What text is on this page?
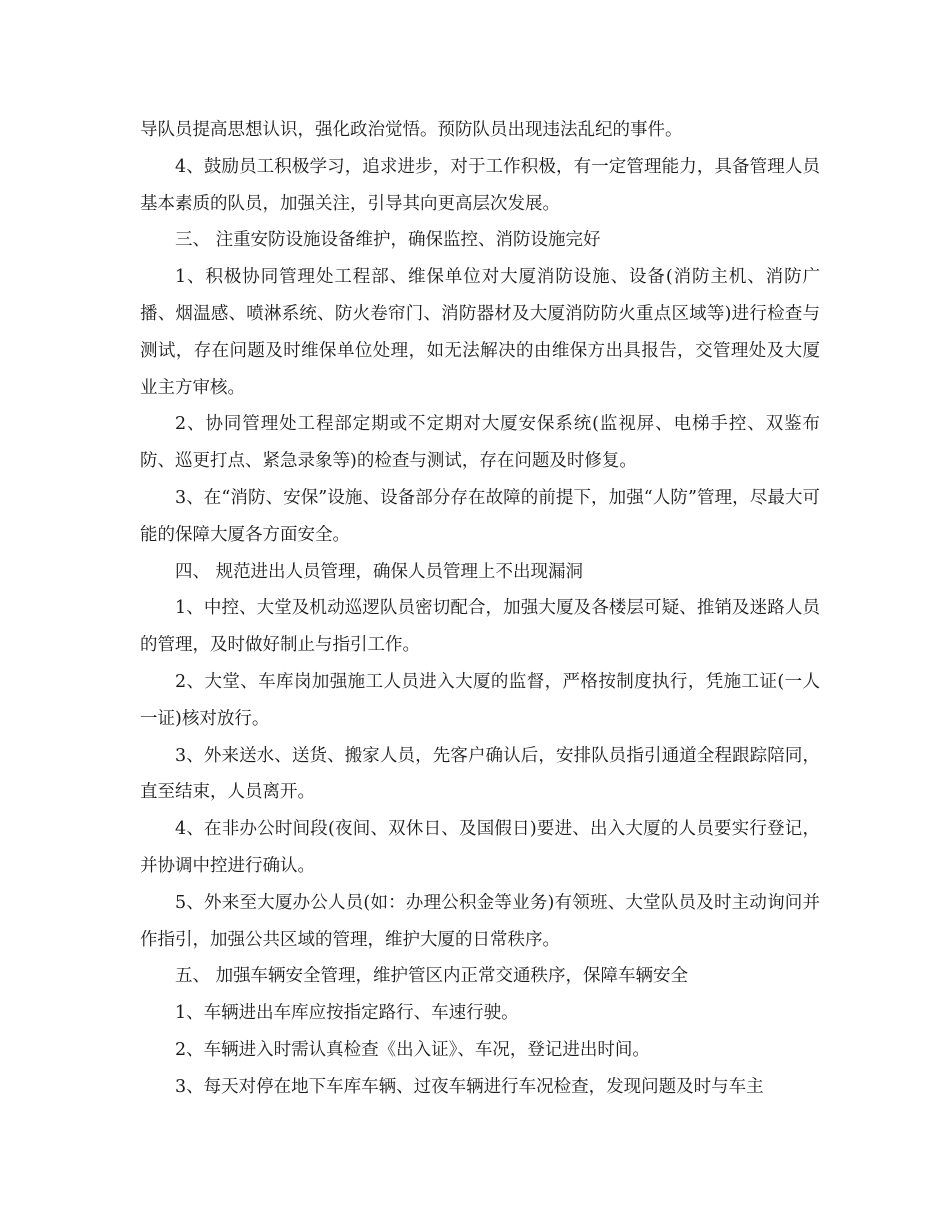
导队员提高思想认识，强化政治觉悟。预防队员出现违法乱纪的事件。

4、鼓励员工积极学习，追求进步，对于工作积极，有一定管理能力，具备管理人员基本素质的队员，加强关注，引导其向更高层次发展。

三、 注重安防设施设备维护，确保监控、消防设施完好

1、积极协同管理处工程部、维保单位对大厦消防设施、设备(消防主机、消防广播、烟温感、喷淋系统、防火卷帘门、消防器材及大厦消防防火重点区域等)进行检查与测试，存在问题及时维保单位处理，如无法解决的由维保方出具报告，交管理处及大厦业主方审核。

2、协同管理处工程部定期或不定期对大厦安保系统(监视屏、电梯手控、双鉴布防、巡更打点、紧急录象等)的检查与测试，存在问题及时修复。

3、在“消防、安保”设施、设备部分存在故障的前提下，加强“人防”管理，尽最大可能的保障大厦各方面安全。

四、 规范进出人员管理，确保人员管理上不出现漏洞

1、中控、大堂及机动巡逻队员密切配合，加强大厦及各楼层可疑、推销及迷路人员的管理，及时做好制止与指引工作。

2、大堂、车库岗加强施工人员进入大厦的监督，严格按制度执行，凭施工证(一人一证)核对放行。

3、外来送水、送货、搬家人员，先客户确认后，安排队员指引通道全程跟踪陪同，直至结束，人员离开。

4、在非办公时间段(夜间、双休日、及国假日)要进、出入大厦的人员要实行登记，并协调中控进行确认。

5、外来至大厦办公人员(如：办理公积金等业务)有领班、大堂队员及时主动询问并作指引，加强公共区域的管理，维护大厦的日常秩序。

五、 加强车辆安全管理，维护管区内正常交通秩序，保障车辆安全

1、车辆进出车库应按指定路行、车速行驶。

2、车辆进入时需认真检查《出入证》、车况，登记进出时间。

3、每天对停在地下车库车辆、过夜车辆进行车况检查，发现问题及时与车主
